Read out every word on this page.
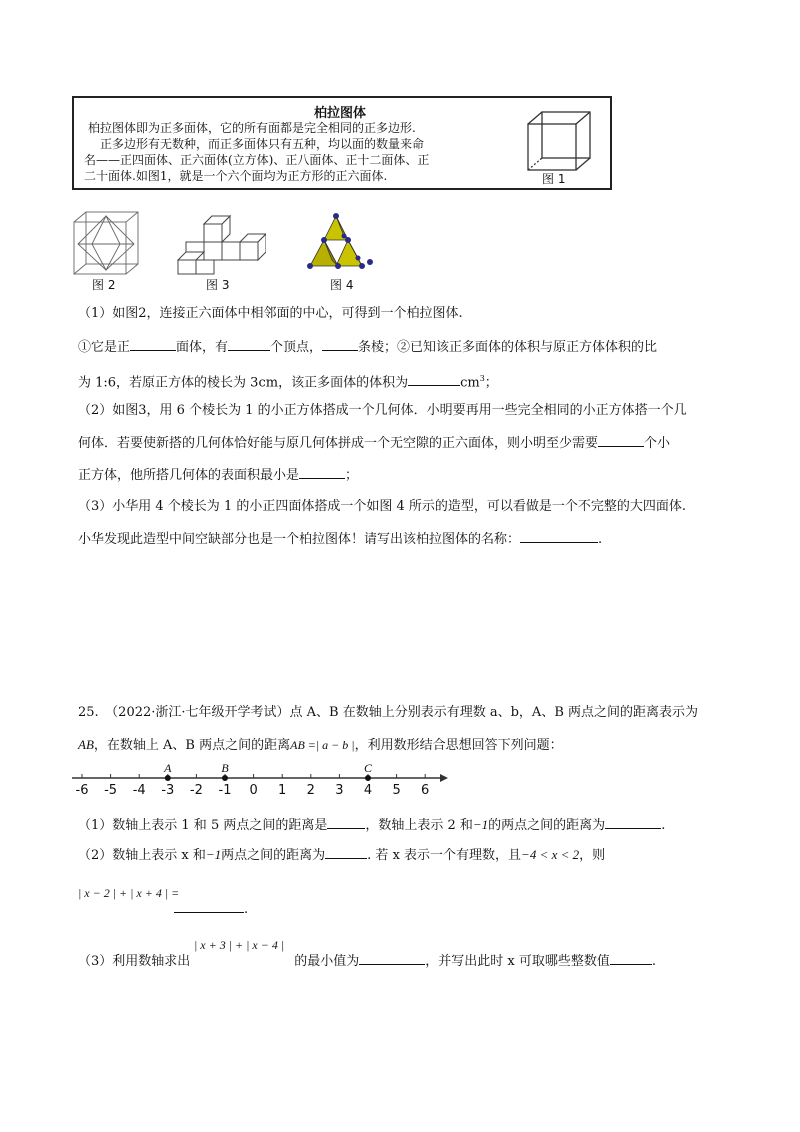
柏拉图体
柏拉图体即为正多面体，它的所有面都是完全相同的正多边形.
正多边形有无数种，而正多面体只有五种，均以面的数量来命
名——正四面体、正六面体(立方体)、正八面体、正十二面体、正
二十面体.如图1，就是一个六个面均为正方形的正六面体.	图 1
图 2	图 3	图 4
（1）如图2，连接正六面体中相邻面的中心，可得到一个柏拉图体.
①它是正	面体，有	个顶点，	条棱；②已知该正多面体的体积与原正方体体积的比
为 1:6，若原正方体的棱长为 3cm，该正多面体的体积为	$cm^3$；
（2）如图3，用 6 个棱长为 1 的小正方体搭成一个几何体．小明要再用一些完全相同的小正方体搭一个几
何体．若要使新搭的几何体恰好能与原几何体拼成一个无空隙的正六面体，则小明至少需要	个小
正方体，他所搭几何体的表面积最小是	；
（3）小华用 4 个棱长为 1 的小正四面体搭成一个如图 4 所示的造型，可以看做是一个不完整的大四面体.
小华发现此造型中间空缺部分也是一个柏拉图体！请写出该柏拉图体的名称：	.
25.　（2022·浙江·七年级开学考试）点 A、B 在数轴上分别表示有理数 a、b，A、B 两点之间的距离表示为
AB，在数轴上 A、B 两点之间的距离AB =| a − b |，利用数形结合思想回答下列问题：
-6 -5 -4 -3 -2 -1 0 1 2 3 4 5 6
A	B	C
（1）数轴上表示 1 和 5 两点之间的距离是	，数轴上表示 2 和−1的两点之间的距离为	.
（2）数轴上表示 x 和−1两点之间的距离为	. 若 x 表示一个有理数，且−4 < x < 2，则
| x − 2 | + | x + 4 | =
.
| x + 3 | + | x − 4 |
（3）利用数轴求出	的最小值为	，并写出此时 x 可取哪些整数值	.
